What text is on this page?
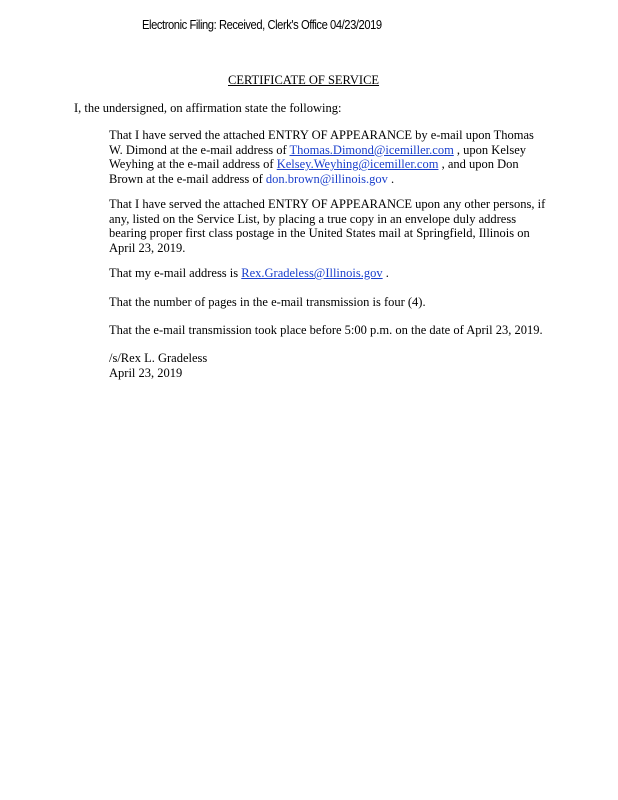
Electronic Filing: Received, Clerk's Office 04/23/2019
CERTIFICATE OF SERVICE
I, the undersigned, on affirmation state the following:

That I have served the attached ENTRY OF APPEARANCE by e-mail upon Thomas W. Dimond at the e-mail address of Thomas.Dimond@icemiller.com , upon Kelsey Weyhing at the e-mail address of Kelsey.Weyhing@icemiller.com , and upon Don Brown at the e-mail address of don.brown@illinois.gov .

That I have served the attached ENTRY OF APPEARANCE upon any other persons, if any, listed on the Service List, by placing a true copy in an envelope duly address bearing proper first class postage in the United States mail at Springfield, Illinois on April 23, 2019.

That my e-mail address is Rex.Gradeless@Illinois.gov .

That the number of pages in the e-mail transmission is four (4).

That the e-mail transmission took place before 5:00 p.m. on the date of April 23, 2019.

/s/Rex L. Gradeless
April 23, 2019
